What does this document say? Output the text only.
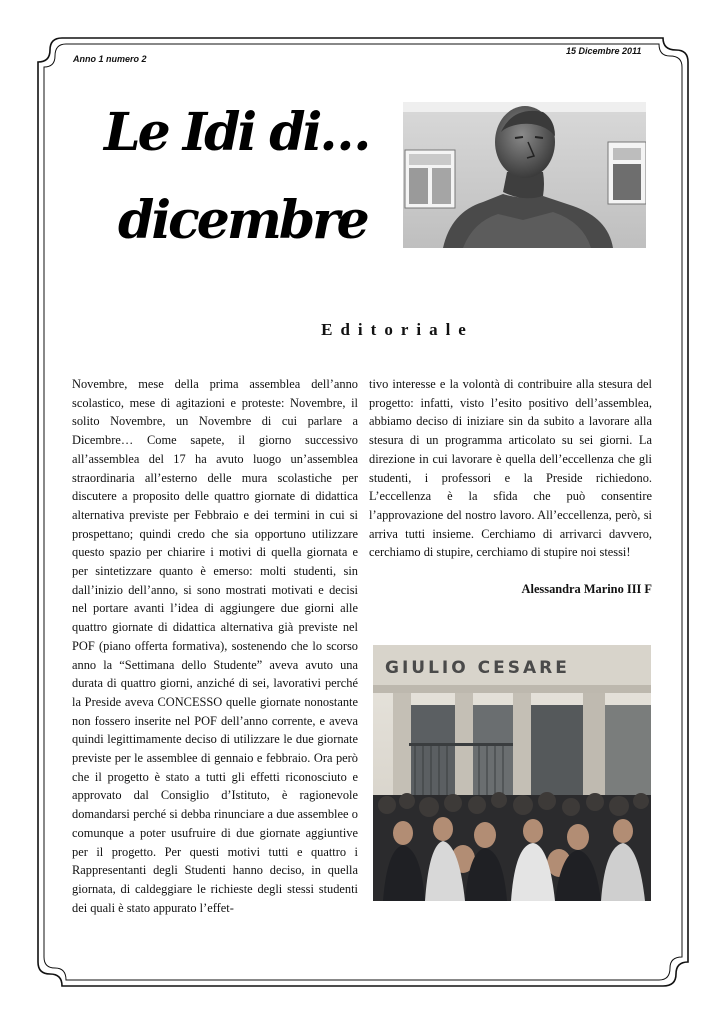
Anno 1 numero 2
15 Dicembre 2011
Le Idi di…
dicembre
Editoriale
Novembre, mese della prima assemblea dell’anno scolastico, mese di agitazioni e proteste: Novembre, il solito Novembre, un Novembre di cui parlare a Dicembre… Come sapete, il giorno successivo all’assemblea del 17 ha avuto luogo un’assemblea straordinaria all’esterno delle mura scolastiche per discutere a proposito delle quattro giornate di didattica alternativa previste per Febbraio e dei termini in cui si prospettano; quindi credo che sia opportuno utilizzare questo spazio per chiarire i motivi di quella giornata e per sintetizzare quanto è emerso: molti studenti, sin dall’inizio dell’anno, si sono mostrati motivati e decisi nel portare avanti l’idea di aggiungere due giorni alle quattro giornate di didattica alternativa già previste nel POF (piano offerta formativa), sostenendo che lo scorso anno la “Settimana dello Studente” aveva avuto una durata di quattro giorni, anziché di sei, lavorativi perché la Preside aveva CONCESSO quelle giornate nonostante non fossero inserite nel POF dell’anno corrente, e aveva quindi legittimamente deciso di utilizzare le due giornate previste per le assemblee di gennaio e febbraio. Ora però che il progetto è stato a tutti gli effetti riconosciuto e approvato dal Consiglio d’Istituto, è ragionevole domandarsi perché si debba rinunciare a due assemblee o comunque a poter usufruire di due giornate aggiuntive per il progetto. Per questi motivi tutti e quattro i Rappresentanti degli Studenti hanno deciso, in quella giornata, di caldeggiare le richieste degli stessi studenti dei quali è stato appurato l’effet-
tivo interesse e la volontà di contribuire alla stesura del progetto: infatti, visto l’esito positivo dell’assemblea, abbiamo deciso di iniziare sin da subito a lavorare alla stesura di un programma articolato su sei giorni. La direzione in cui lavorare è quella dell’eccellenza che gli studenti, i professori e la Preside richiedono. L’eccellenza è la sfida che può consentire l’approvazione del nostro lavoro. All’eccellenza, però, si arriva tutti insieme. Cerchiamo di arrivarci davvero, cerchiamo di stupire, cerchiamo di stupire noi stessi!
Alessandra Marino III F
GIULIO CESARE
